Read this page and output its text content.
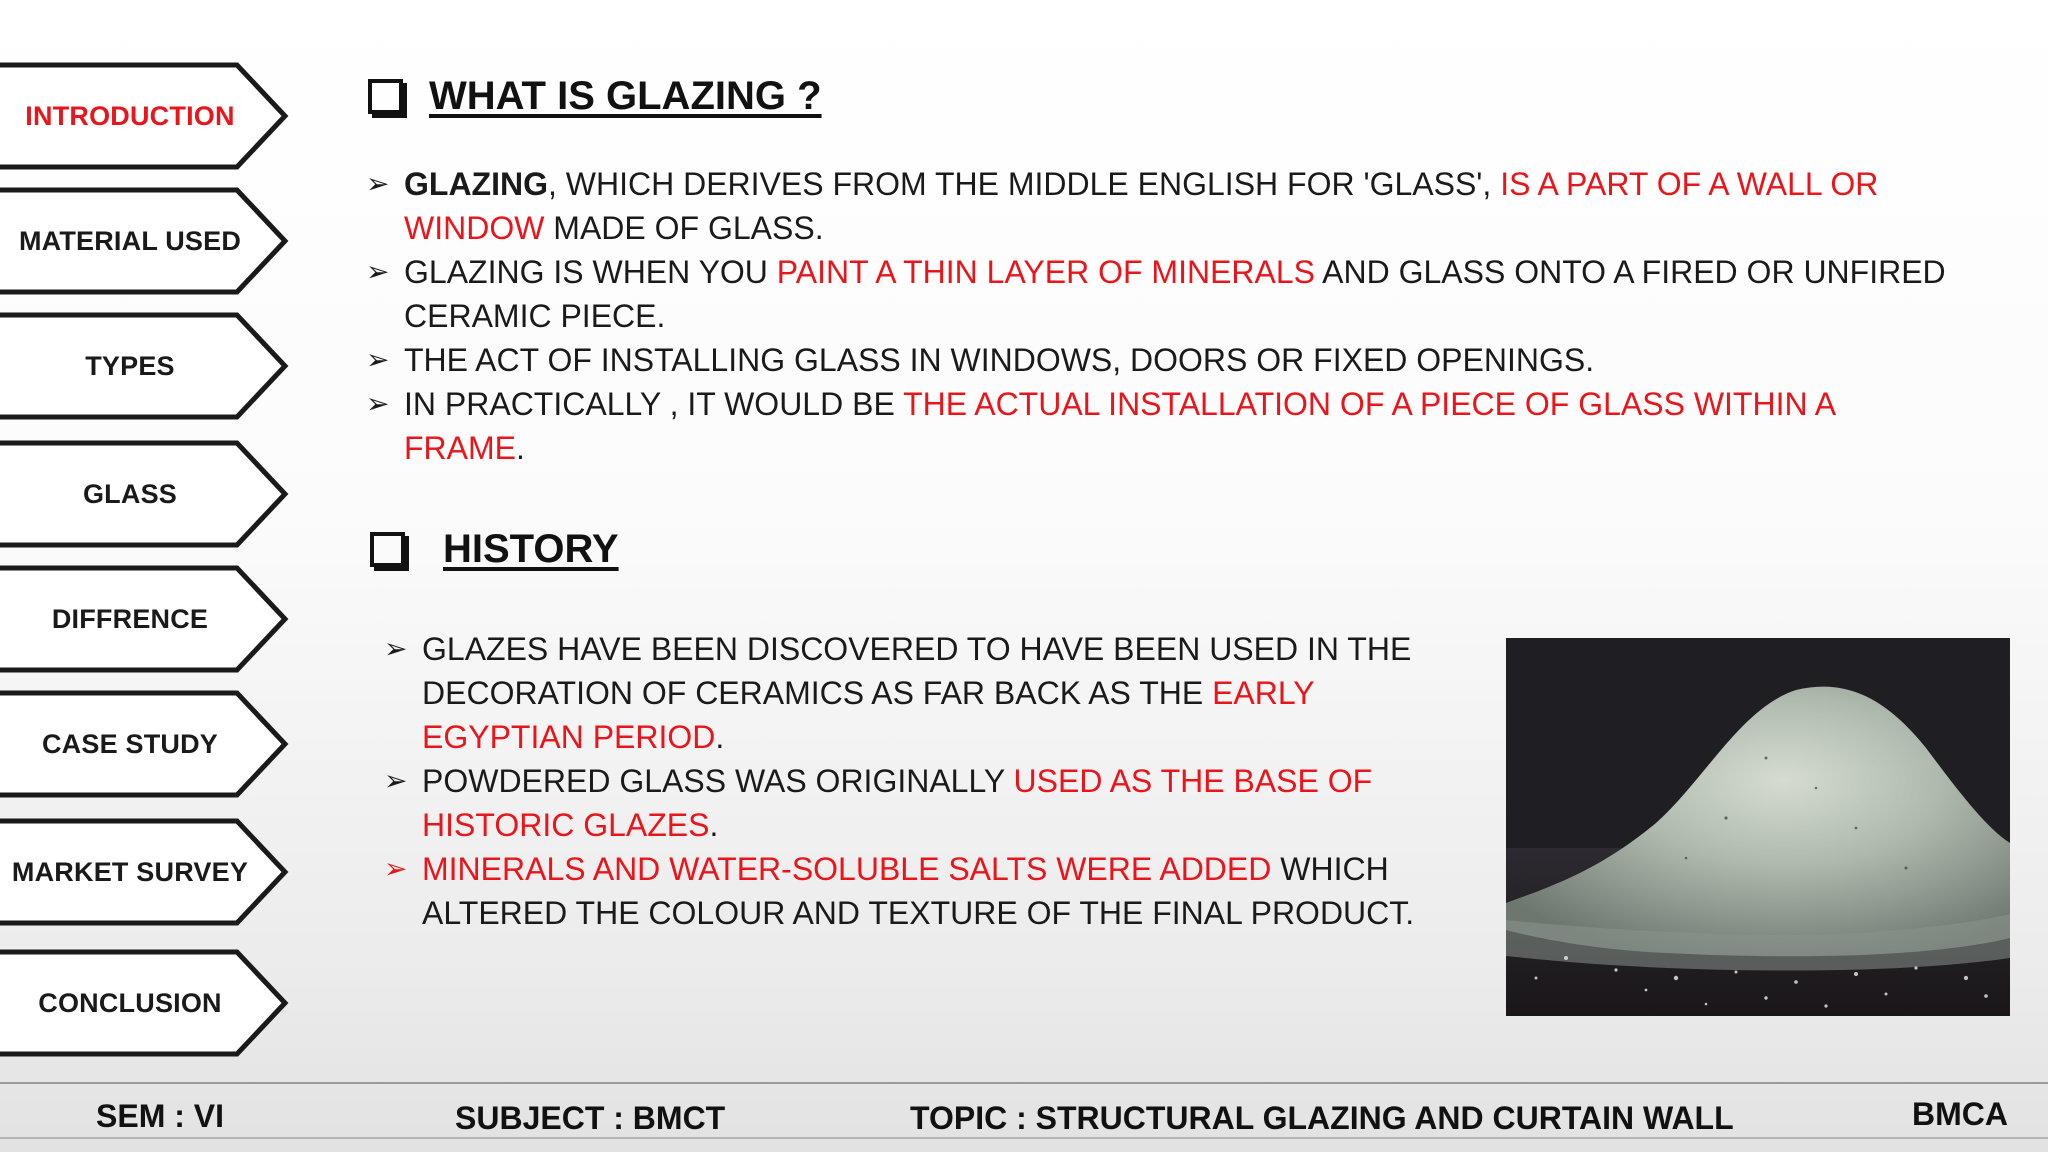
INTRODUCTION
MATERIAL USED
TYPES
GLASS
DIFFRENCE
CASE STUDY
MARKET SURVEY
CONCLUSION
WHAT IS GLAZING ?
➢ GLAZING, WHICH DERIVES FROM THE MIDDLE ENGLISH FOR 'GLASS', IS A PART OF A WALL OR WINDOW MADE OF GLASS.
➢ GLAZING IS WHEN YOU PAINT A THIN LAYER OF MINERALS AND GLASS ONTO A FIRED OR UNFIRED CERAMIC PIECE.
➢ THE ACT OF INSTALLING GLASS IN WINDOWS, DOORS OR FIXED OPENINGS.
➢ IN PRACTICALLY , IT WOULD BE THE ACTUAL INSTALLATION OF A PIECE OF GLASS WITHIN A FRAME.
HISTORY
➢ GLAZES HAVE BEEN DISCOVERED TO HAVE BEEN USED IN THE DECORATION OF CERAMICS AS FAR BACK AS THE EARLY EGYPTIAN PERIOD.
➢ POWDERED GLASS WAS ORIGINALLY USED AS THE BASE OF HISTORIC GLAZES.
➢ MINERALS AND WATER-SOLUBLE SALTS WERE ADDED WHICH ALTERED THE COLOUR AND TEXTURE OF THE FINAL PRODUCT.
SEM : VI	SUBJECT : BMCT	TOPIC : STRUCTURAL GLAZING AND CURTAIN WALL	BMCA
